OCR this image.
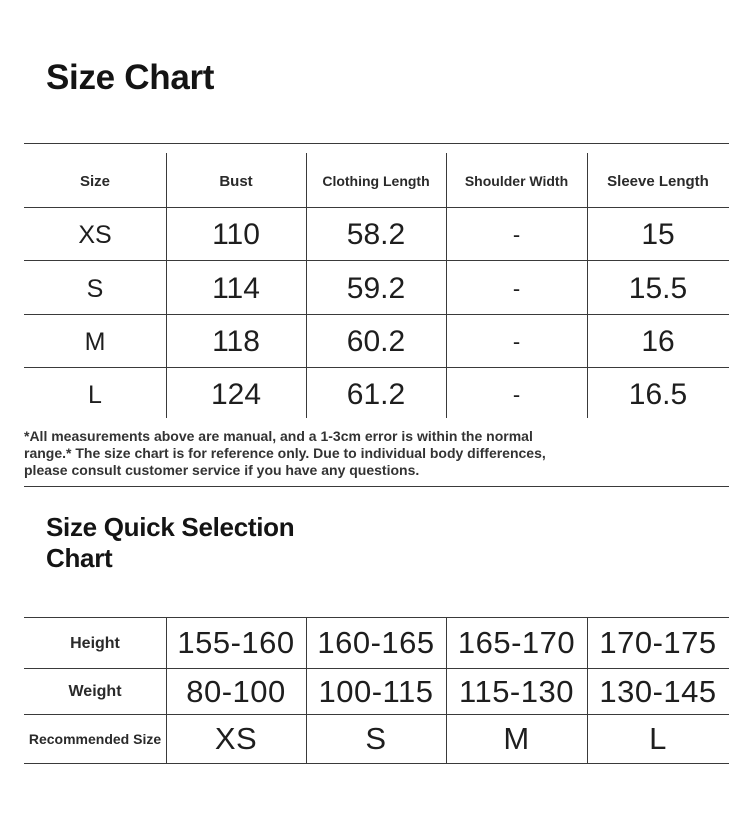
Size Chart
Size	Bust	Clothing Length	Shoulder Width	Sleeve Length
XS	110	58.2	-	15
S	114	59.2	-	15.5
M	118	60.2	-	16
L	124	61.2	-	16.5
*All measurements above are manual, and a 1-3cm error is within the normal
range.* The size chart is for reference only. Due to individual body differences,
please consult customer service if you have any questions.
Size Quick Selection
Chart
Height	155-160 160-165 165-170 170-175
Weight	80-100	100-115 115-130 130-145
Recommended Size	XS	S	M	L
